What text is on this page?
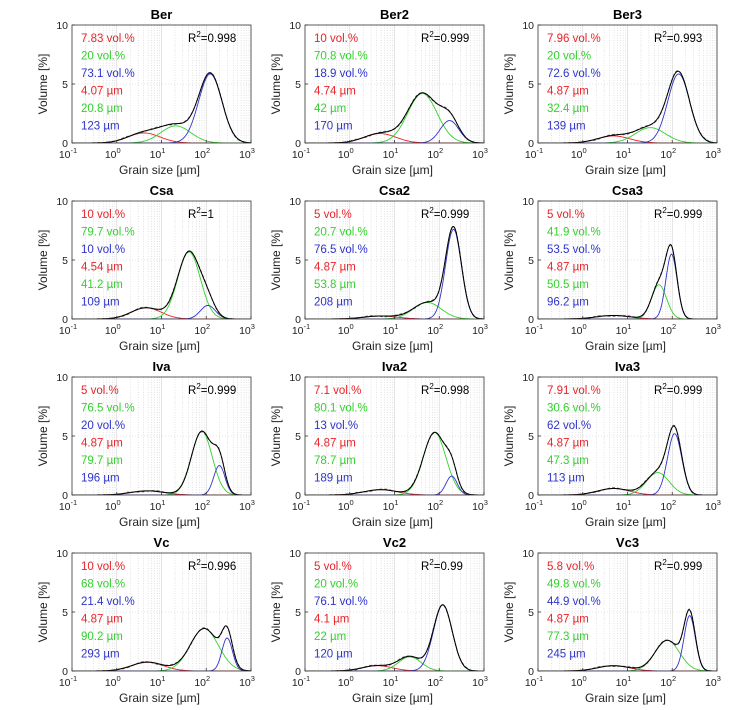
$10^{-1}$	$10^0$	$10^1$	$10^2$	$10^3$
0
5
10
Ber
Grain size [µm]
Volume [%]
7.83 vol.%
20 vol.%
73.1 vol.%
4.07 µm
20.8 µm
123 µm
$R^2=0.998$
$10^{-1}$	$10^0$	$10^1$	$10^2$	$10^3$
0
5
10
Ber2
Grain size [µm]
Volume [%]
10 vol.%
70.8 vol.%
18.9 vol.%
4.74 µm
42 µm
170 µm
$R^2=0.999$
$10^{-1}$	$10^0$	$10^1$	$10^2$	$10^3$
0
5
10
Ber3
Grain size [µm]
Volume [%]
7.96 vol.%
20 vol.%
72.6 vol.%
4.87 µm
32.4 µm
139 µm
$R^2=0.993$
$10^{-1}$	$10^0$	$10^1$	$10^2$	$10^3$
0
5
10
Csa
Grain size [µm]
Volume [%]
10 vol.%
79.7 vol.%
10 vol.%
4.54 µm
41.2 µm
109 µm
$R^2=1$
$10^{-1}$	$10^0$	$10^1$	$10^2$	$10^3$
0
5
10
Csa2
Grain size [µm]
Volume [%]
5 vol.%
20.7 vol.%
76.5 vol.%
4.87 µm
53.8 µm
208 µm
$R^2=0.999$
$10^{-1}$	$10^0$	$10^1$	$10^2$	$10^3$
0
5
10
Csa3
Grain size [µm]
Volume [%]
5 vol.%
41.9 vol.%
53.5 vol.%
4.87 µm
50.5 µm
96.2 µm
$R^2=0.999$
$10^{-1}$	$10^0$	$10^1$	$10^2$	$10^3$
0
5
10
Iva
Grain size [µm]
Volume [%]
5 vol.%
76.5 vol.%
20 vol.%
4.87 µm
79.7 µm
196 µm
$R^2=0.999$
$10^{-1}$	$10^0$	$10^1$	$10^2$	$10^3$
0
5
10
Iva2
Grain size [µm]
Volume [%]
7.1 vol.%
80.1 vol.%
13 vol.%
4.87 µm
78.7 µm
189 µm
$R^2=0.998$
$10^{-1}$	$10^0$	$10^1$	$10^2$	$10^3$
0
5
10
Iva3
Grain size [µm]
Volume [%]
7.91 vol.%
30.6 vol.%
62 vol.%
4.87 µm
47.3 µm
113 µm
$R^2=0.999$
$10^{-1}$	$10^0$	$10^1$	$10^2$	$10^3$
0
5
10
Vc
Grain size [µm]
Volume [%]
10 vol.%
68 vol.%
21.4 vol.%
4.87 µm
90.2 µm
293 µm
$R^2=0.996$
$10^{-1}$	$10^0$	$10^1$	$10^2$	$10^3$
0
5
10
Vc2
Grain size [µm]
Volume [%]
5 vol.%
20 vol.%
76.1 vol.%
4.1 µm
22 µm
120 µm
$R^2=0.99$
$10^{-1}$	$10^0$	$10^1$	$10^2$	$10^3$
0
5
10
Vc3
Grain size [µm]
Volume [%]
5.8 vol.%
49.8 vol.%
44.9 vol.%
4.87 µm
77.3 µm
245 µm
$R^2=0.999$
